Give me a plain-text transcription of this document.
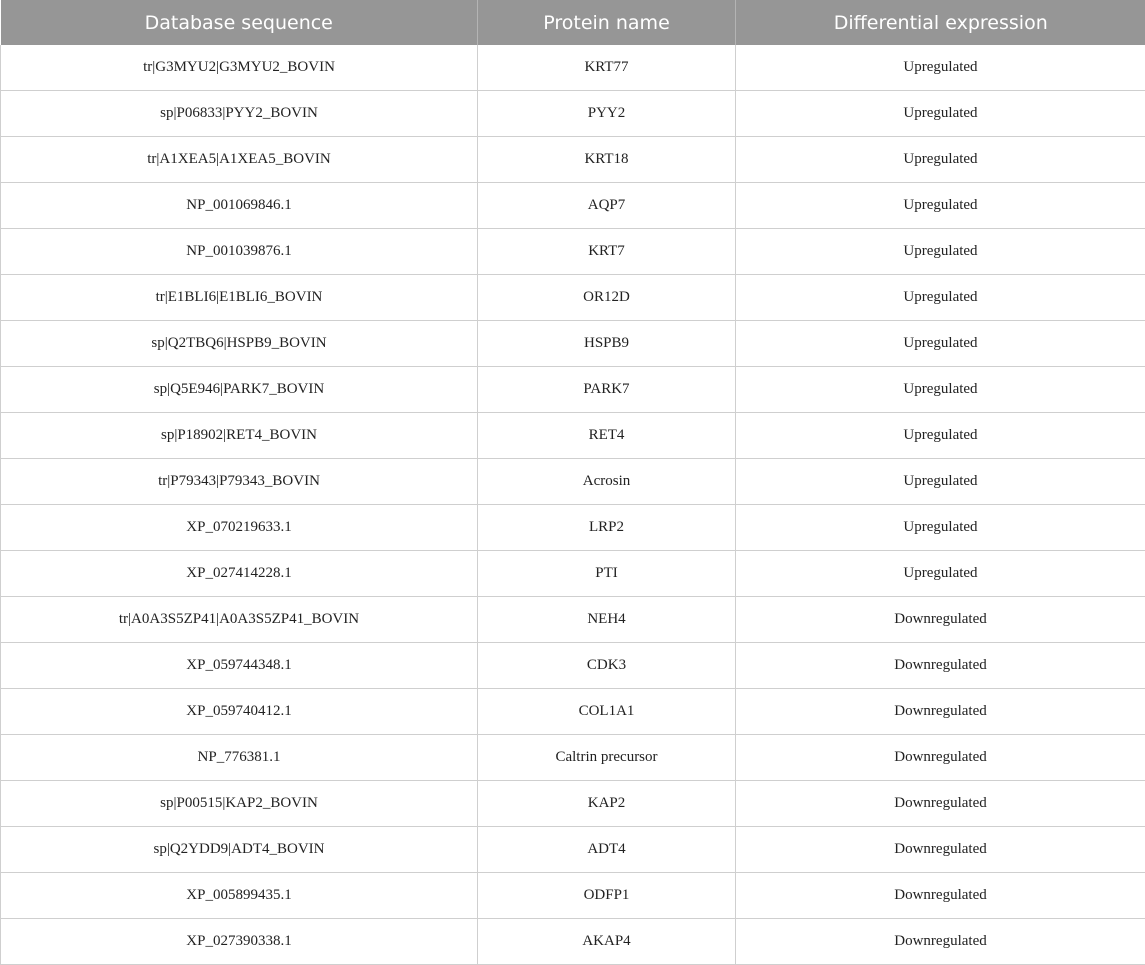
Database sequence	Protein name	Differential expression
tr|G3MYU2|G3MYU2_BOVIN	KRT77	Upregulated
sp|P06833|PYY2_BOVIN	PYY2	Upregulated
tr|A1XEA5|A1XEA5_BOVIN	KRT18	Upregulated
NP_001069846.1	AQP7	Upregulated
NP_001039876.1	KRT7	Upregulated
tr|E1BLI6|E1BLI6_BOVIN	OR12D	Upregulated
sp|Q2TBQ6|HSPB9_BOVIN	HSPB9	Upregulated
sp|Q5E946|PARK7_BOVIN	PARK7	Upregulated
sp|P18902|RET4_BOVIN	RET4	Upregulated
tr|P79343|P79343_BOVIN	Acrosin	Upregulated
XP_070219633.1	LRP2	Upregulated
XP_027414228.1	PTI	Upregulated
tr|A0A3S5ZP41|A0A3S5ZP41_BOVIN	NEH4	Downregulated
XP_059744348.1	CDK3	Downregulated
XP_059740412.1	COL1A1	Downregulated
NP_776381.1	Caltrin precursor	Downregulated
sp|P00515|KAP2_BOVIN	KAP2	Downregulated
sp|Q2YDD9|ADT4_BOVIN	ADT4	Downregulated
XP_005899435.1	ODFP1	Downregulated
XP_027390338.1	AKAP4	Downregulated
